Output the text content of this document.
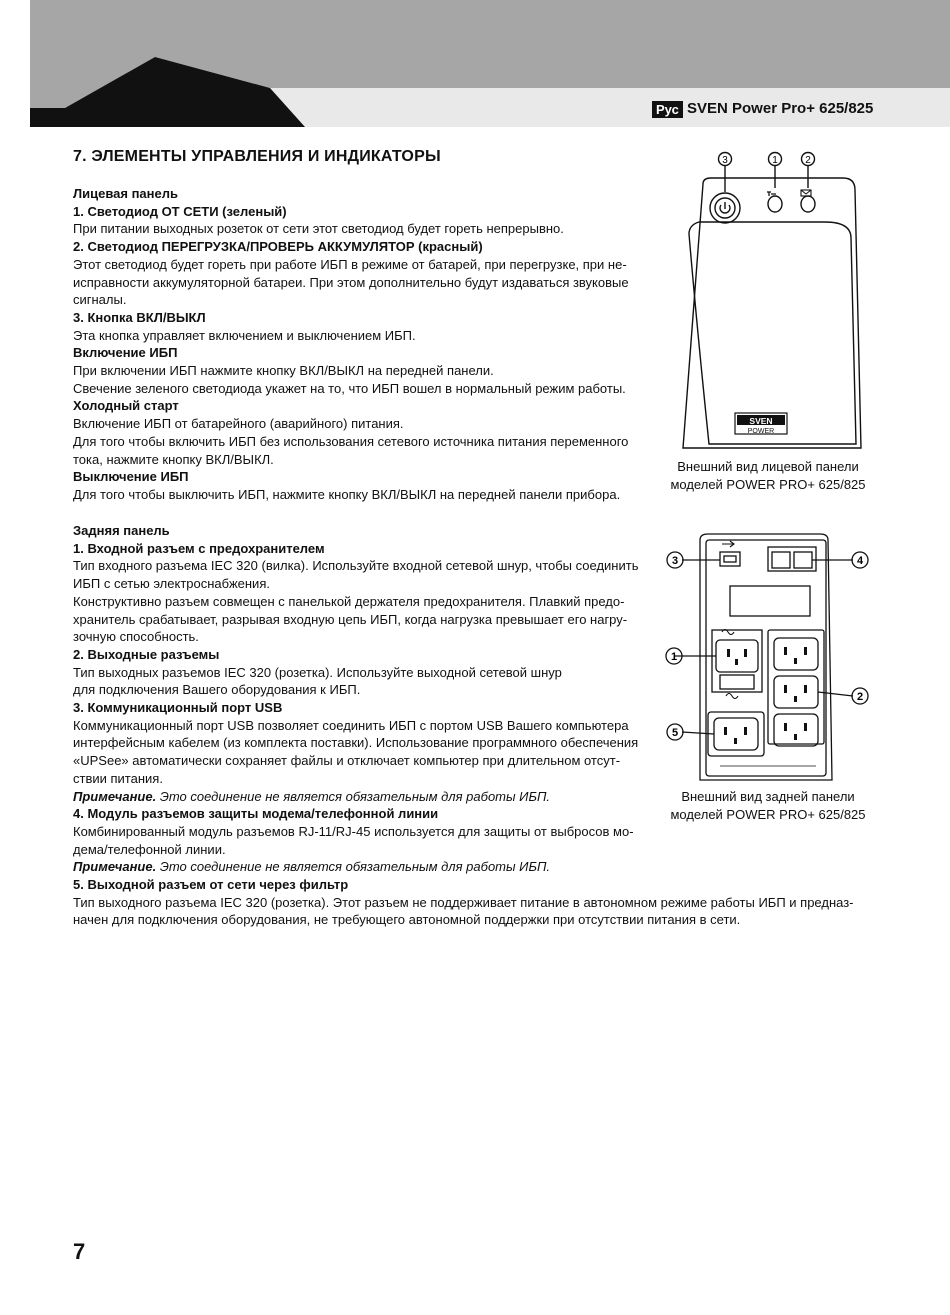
Рус SVEN Power Pro+ 625/825
7. ЭЛЕМЕНТЫ УПРАВЛЕНИЯ И ИНДИКАТОРЫ

Лицевая панель

1. Светодиод ОТ СЕТИ (зеленый)

При питании выходных розеток от сети этот светодиод будет гореть непрерывно.

2. Светодиод ПЕРЕГРУЗКА/ПРОВЕРЬ АККУМУЛЯТОР (красный)

Этот светодиод будет гореть при работе ИБП в режиме от батарей, при перегрузке, при не-

исправности аккумуляторной батареи. При этом дополнительно будут издаваться звуковые

сигналы.

3. Кнопка ВКЛ/ВЫКЛ

Эта кнопка управляет включением и выключением ИБП.

Включение ИБП

При включении ИБП нажмите кнопку ВКЛ/ВЫКЛ на передней панели.

Свечение зеленого светодиода укажет на то, что ИБП вошел в нормальный режим работы.

Холодный старт

Включение ИБП от батарейного (аварийного) питания.

Для того чтобы включить ИБП без использования сетевого источника питания переменного

тока, нажмите кнопку ВКЛ/ВЫКЛ.

Выключение ИБП

Для того чтобы выключить ИБП, нажмите кнопку ВКЛ/ВЫКЛ на передней панели прибора.

Задняя панель

1. Входной разъем с предохранителем

Тип входного разъема IEC 320 (вилка). Используйте входной сетевой шнур, чтобы соединить

ИБП с сетью электроснабжения.

Конструктивно разъем совмещен с панелькой держателя предохранителя. Плавкий предо-

хранитель срабатывает, разрывая входную цепь ИБП, когда нагрузка превышает его нагру-

зочную способность.

2. Выходные разъемы

Тип выходных разъемов IEC 320 (розетка). Используйте выходной сетевой шнур

для подключения Вашего оборудования к ИБП.

3. Коммуникационный порт USB

Коммуникационный порт USB позволяет соединить ИБП с портом USB Вашего компьютера

интерфейсным кабелем (из комплекта поставки). Использование программного обеспечения

«UPSee» автоматически сохраняет файлы и отключает компьютер при длительном отсут-

ствии питания.

Примечание. Это соединение не является обязательным для работы ИБП.

4. Модуль разъемов защиты модема/телефонной линии

Комбинированный модуль разъемов RJ-11/RJ-45 используется для защиты от выбросов мо-

дема/телефонной линии.

Примечание. Это соединение не является обязательным для работы ИБП.

5. Выходной разъем от сети через фильтр

Тип выходного разъема IEC 320 (розетка). Этот разъем не поддерживает питание в автономном режиме работы ИБП и предназ-

начен для подключения оборудования, не требующего автономной поддержки при отсутствии питания в сети.

3	1	2
SVEN
POWER
Внешний вид лицевой панели
моделей POWER PRO+ 625/825
3	4
1
2
5
Внешний вид задней панели
моделей POWER PRO+ 625/825
7
